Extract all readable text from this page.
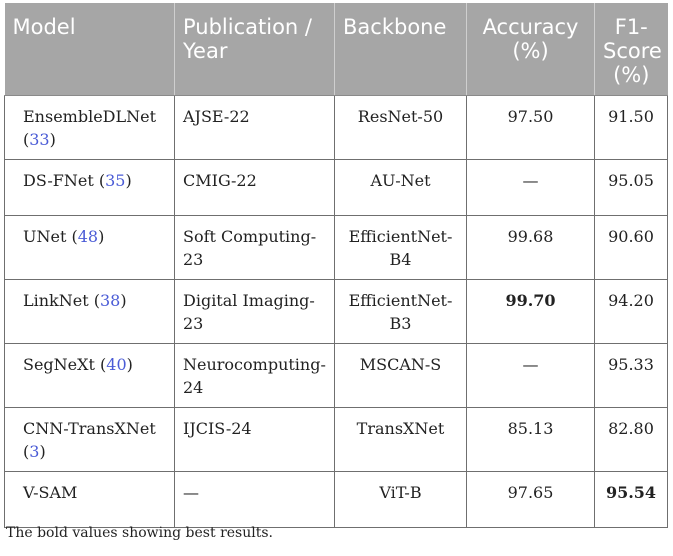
Model	Publication / Year	Backbone	Accuracy (%)	F1-Score (%)
EnsembleDLNet (33)	AJSE-22	ResNet-50	97.50	91.50
DS-FNet (35)	CMIG-22	AU-Net	—	95.05
UNet (48)	Soft Computing-23	EfficientNet-B4	99.68	90.60
LinkNet (38)	Digital Imaging-23	EfficientNet-B3	99.70	94.20
SegNeXt (40)	Neurocomputing-24	MSCAN-S	—	95.33
CNN-TransXNet (3)	IJCIS-24	TransXNet	85.13	82.80
V-SAM	—	ViT-B	97.65	95.54
The bold values showing best results.
